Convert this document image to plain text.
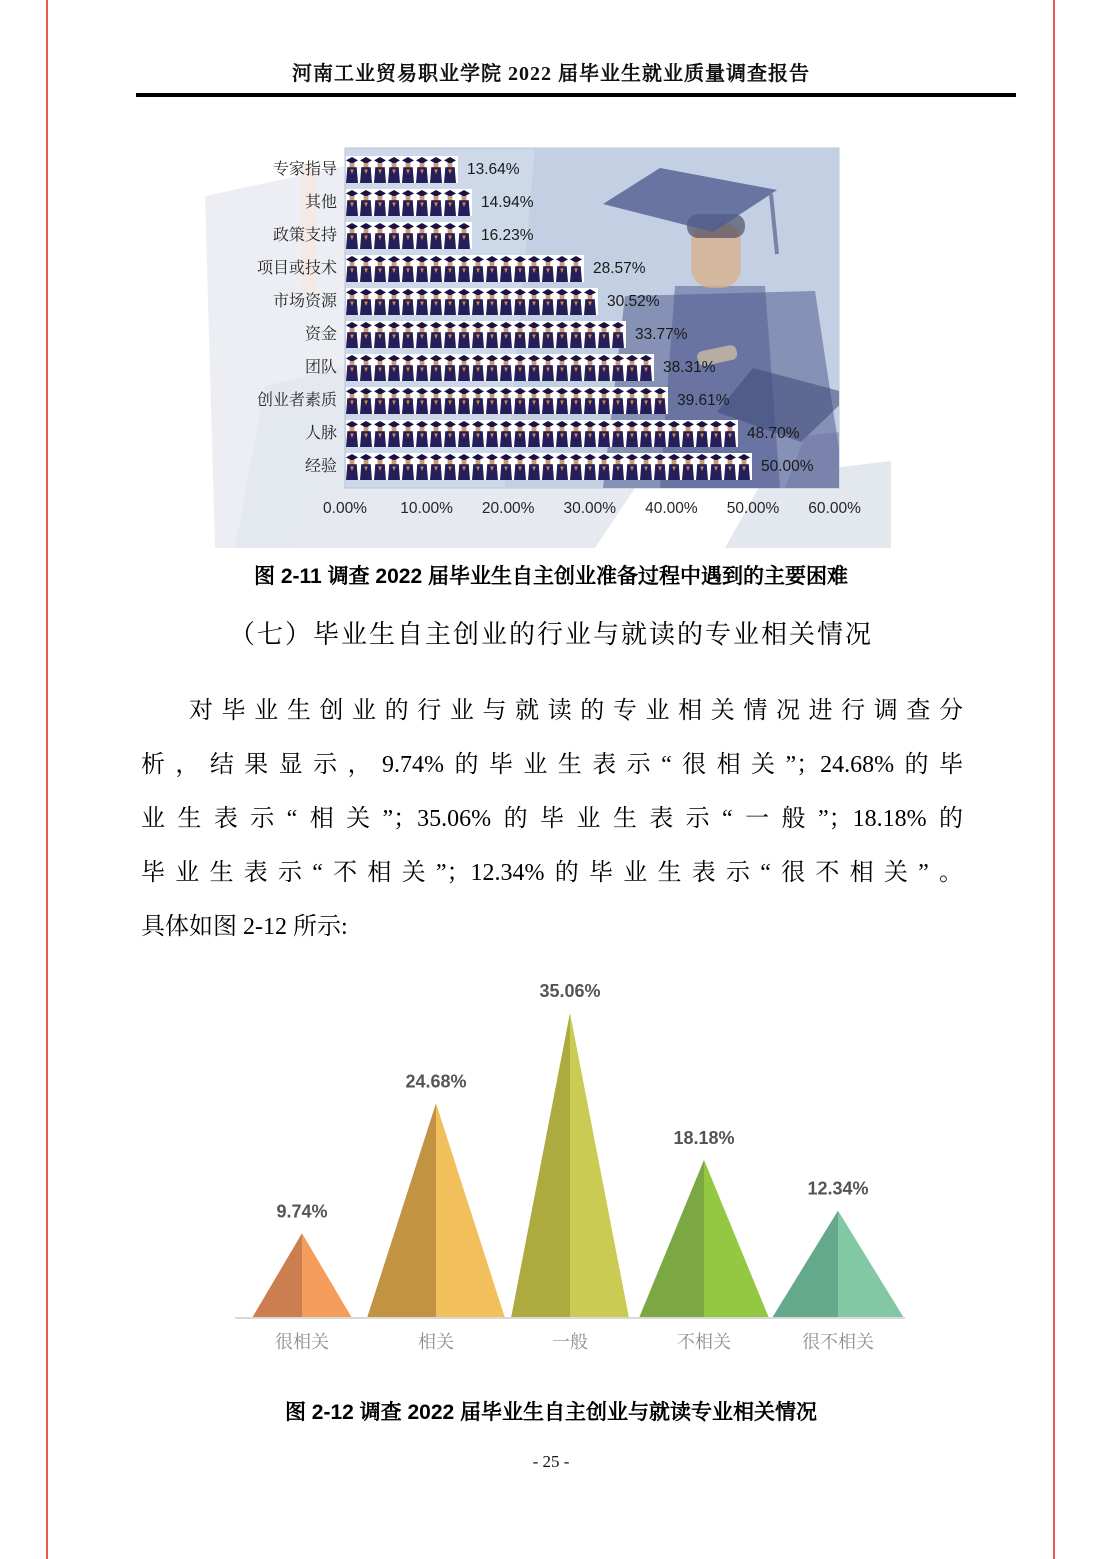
河南工业贸易职业学院 2022 届毕业生就业质量调查报告
专家指导	13.64%
其他	14.94%
政策支持	16.23%
项目或技术	28.57%
市场资源	30.52%
资金	33.77%
团队	38.31%
创业者素质	39.61%
人脉	48.70%
经验	50.00%
0.00%	10.00%	20.00%	30.00%	40.00%	50.00%	60.00%
图 2-11 调查 2022 届毕业生自主创业准备过程中遇到的主要困难
（七）毕业生自主创业的行业与就读的专业相关情况
对毕业生创业的行业与就读的专业相关情况进行调查分
析，结果显示，9.74%的毕业生表示“很相关”；24.68%的毕
业生表示“相关”；35.06%的毕业生表示“一般”；18.18%的
毕业生表示“不相关”；12.34%的毕业生表示“很不相关”。
具体如图 2-12 所示:
9.74%
很相关
24.68%
相关
35.06%
一般
18.18%
不相关
12.34%
很不相关
图 2-12 调查 2022 届毕业生自主创业与就读专业相关情况
- 25 -
